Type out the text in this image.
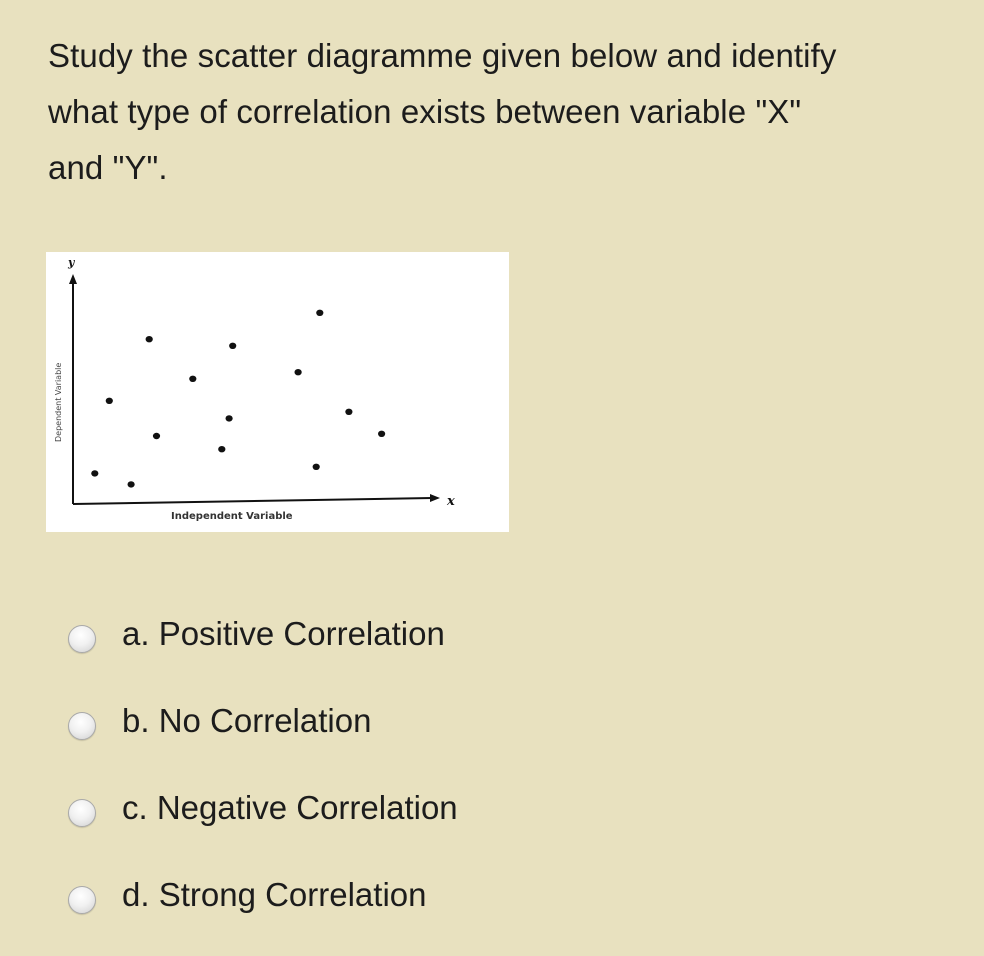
Study the scatter diagramme given below and identify
what type of correlation exists between variable "X"
and "Y".
y
x
Independent Variable
Dependent Variable
a. Positive Correlation
b. No Correlation
c. Negative Correlation
d. Strong Correlation
